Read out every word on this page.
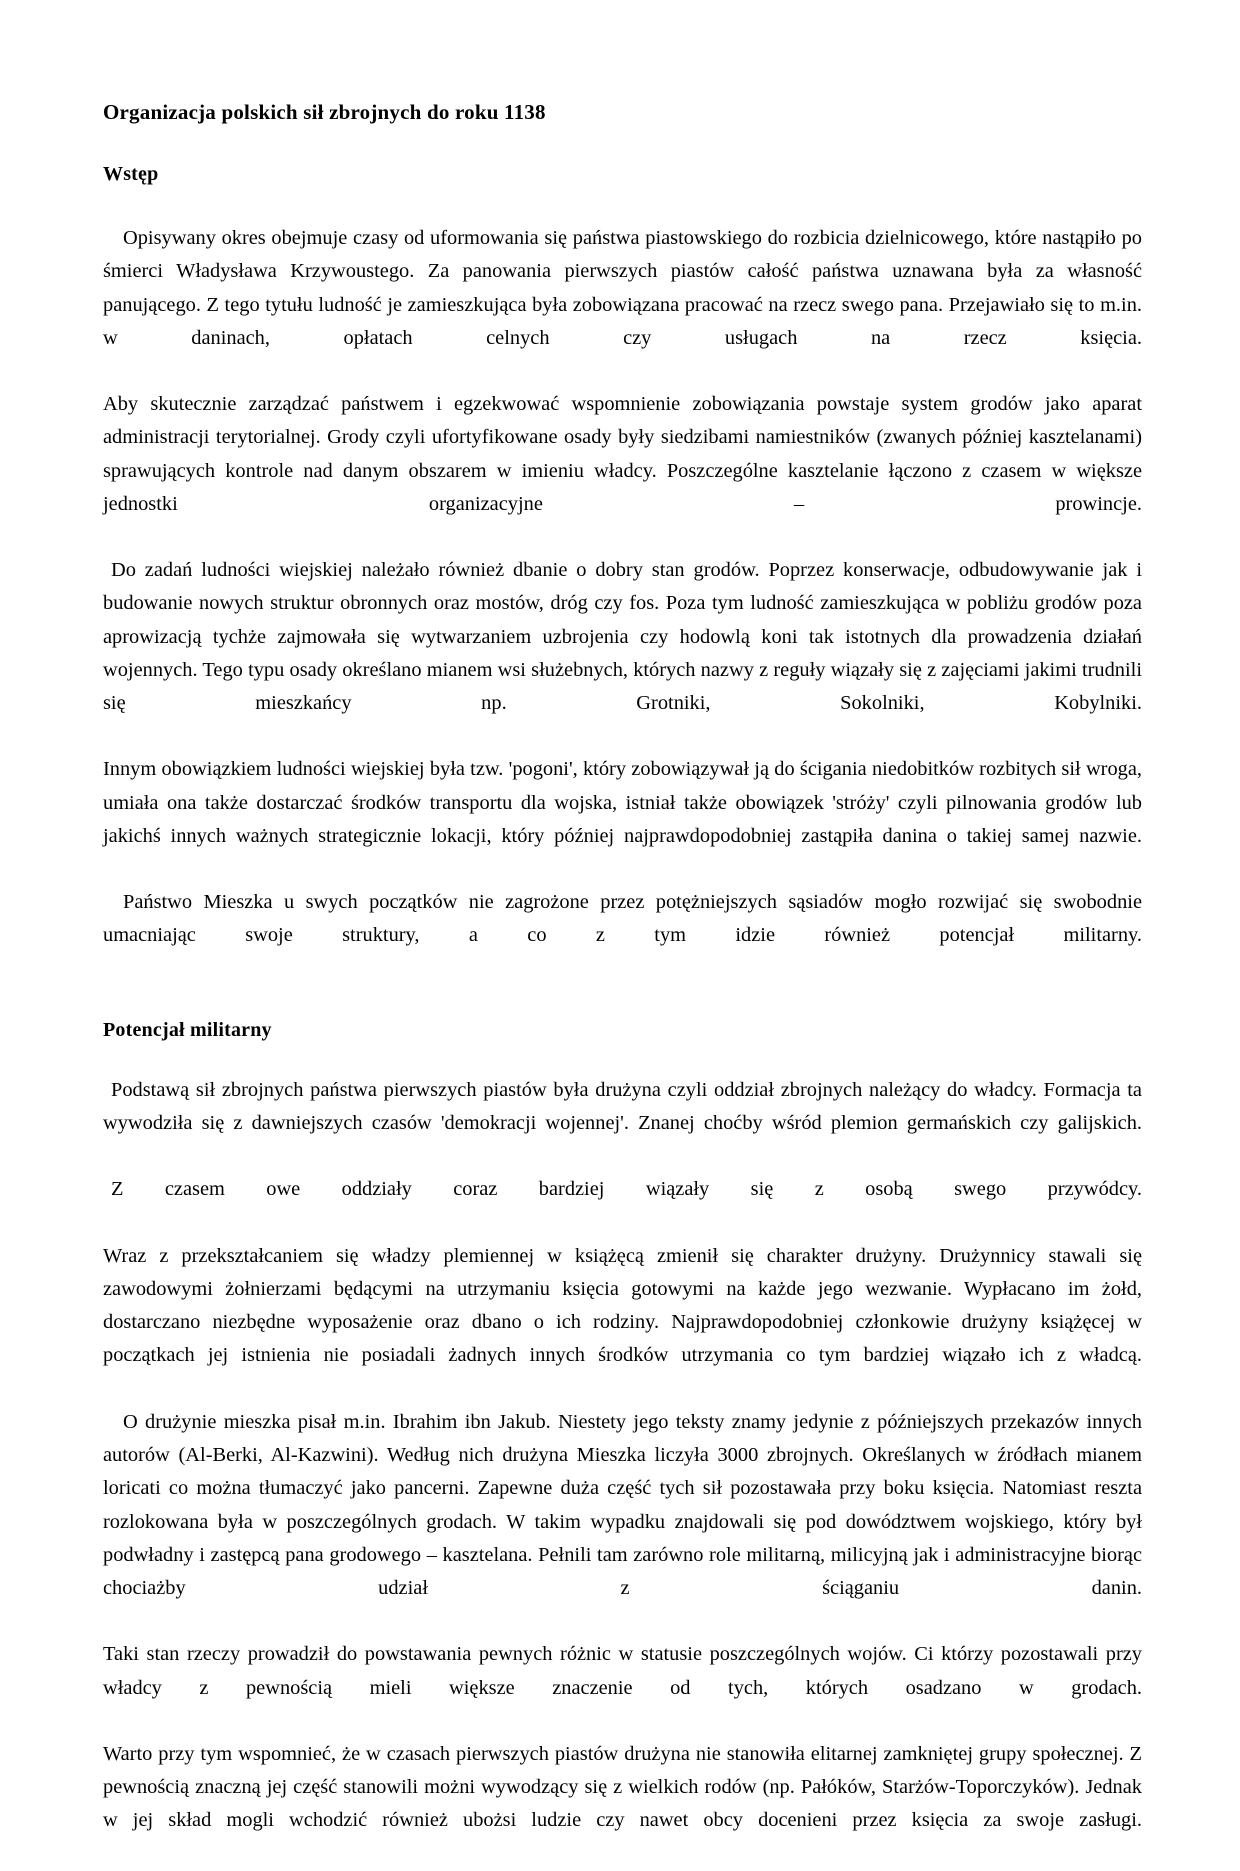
Organizacja polskich sił zbrojnych do roku 1138
Wstęp

Opisywany okres obejmuje czasy od uformowania się państwa piastowskiego do rozbicia dzielnicowego, które nastąpiło po śmierci Władysława Krzywoustego. Za panowania pierwszych piastów całość państwa uznawana była za własność panującego. Z tego tytułu ludność je zamieszkująca była zobowiązana pracować na rzecz swego pana. Przejawiało się to m.in. w daninach, opłatach celnych czy usługach na rzecz księcia.

Aby skutecznie zarządzać państwem i egzekwować wspomnienie zobowiązania powstaje system grodów jako aparat administracji terytorialnej. Grody czyli ufortyfikowane osady były siedzibami namiestników (zwanych później kasztelanami) sprawujących kontrole nad danym obszarem w imieniu władcy. Poszczególne kasztelanie łączono z czasem w większe jednostki organizacyjne – prowincje.

Do zadań ludności wiejskiej należało również dbanie o dobry stan grodów. Poprzez konserwacje, odbudowywanie jak i budowanie nowych struktur obronnych oraz mostów, dróg czy fos. Poza tym ludność zamieszkująca w pobliżu grodów poza aprowizacją tychże zajmowała się wytwarzaniem uzbrojenia czy hodowlą koni tak istotnych dla prowadzenia działań wojennych. Tego typu osady określano mianem wsi służebnych, których nazwy z reguły wiązały się z zajęciami jakimi trudnili się mieszkańcy np. Grotniki, Sokolniki, Kobylniki.

Innym obowiązkiem ludności wiejskiej była tzw. 'pogoni', który zobowiązywał ją do ścigania niedobitków rozbitych sił wroga, umiała ona także dostarczać środków transportu dla wojska, istniał także obowiązek 'stróży' czyli pilnowania grodów lub jakichś innych ważnych strategicznie lokacji, który później najprawdopodobniej zastąpiła danina o takiej samej nazwie.

Państwo Mieszka u swych początków nie zagrożone przez potężniejszych sąsiadów mogło rozwijać się swobodnie umacniając swoje struktury, a co z tym idzie również potencjał militarny.

Potencjał militarny

Podstawą sił zbrojnych państwa pierwszych piastów była drużyna czyli oddział zbrojnych należący do władcy. Formacja ta wywodziła się z dawniejszych czasów 'demokracji wojennej'. Znanej choćby wśród plemion germańskich czy galijskich.

Z czasem owe oddziały coraz bardziej wiązały się z osobą swego przywódcy.

Wraz z przekształcaniem się władzy plemiennej w książęcą zmienił się charakter drużyny. Drużynnicy stawali się zawodowymi żołnierzami będącymi na utrzymaniu księcia gotowymi na każde jego wezwanie. Wypłacano im żołd, dostarczano niezbędne wyposażenie oraz dbano o ich rodziny. Najprawdopodobniej członkowie drużyny książęcej w początkach jej istnienia nie posiadali żadnych innych środków utrzymania co tym bardziej wiązało ich z władcą.

O drużynie mieszka pisał m.in. Ibrahim ibn Jakub. Niestety jego teksty znamy jedynie z późniejszych przekazów innych autorów (Al-Berki, Al-Kazwini). Według nich drużyna Mieszka liczyła 3000 zbrojnych. Określanych w źródłach mianem loricati co można tłumaczyć jako pancerni. Zapewne duża część tych sił pozostawała przy boku księcia. Natomiast reszta rozlokowana była w poszczególnych grodach. W takim wypadku znajdowali się pod dowództwem wojskiego, który był podwładny i zastępcą pana grodowego – kasztelana. Pełnili tam zarówno role militarną, milicyjną jak i administracyjne biorąc chociażby udział z ściąganiu danin.

Taki stan rzeczy prowadził do powstawania pewnych różnic w statusie poszczególnych wojów. Ci którzy pozostawali przy władcy z pewnością mieli większe znaczenie od tych, których osadzano w grodach.

Warto przy tym wspomnieć, że w czasach pierwszych piastów drużyna nie stanowiła elitarnej zamkniętej grupy społecznej. Z pewnością znaczną jej część stanowili możni wywodzący się z wielkich rodów (np. Pałóków, Starżów-Toporczyków). Jednak w jej skład mogli wchodzić również ubożsi ludzie czy nawet obcy docenieni przez księcia za swoje zasługi.
